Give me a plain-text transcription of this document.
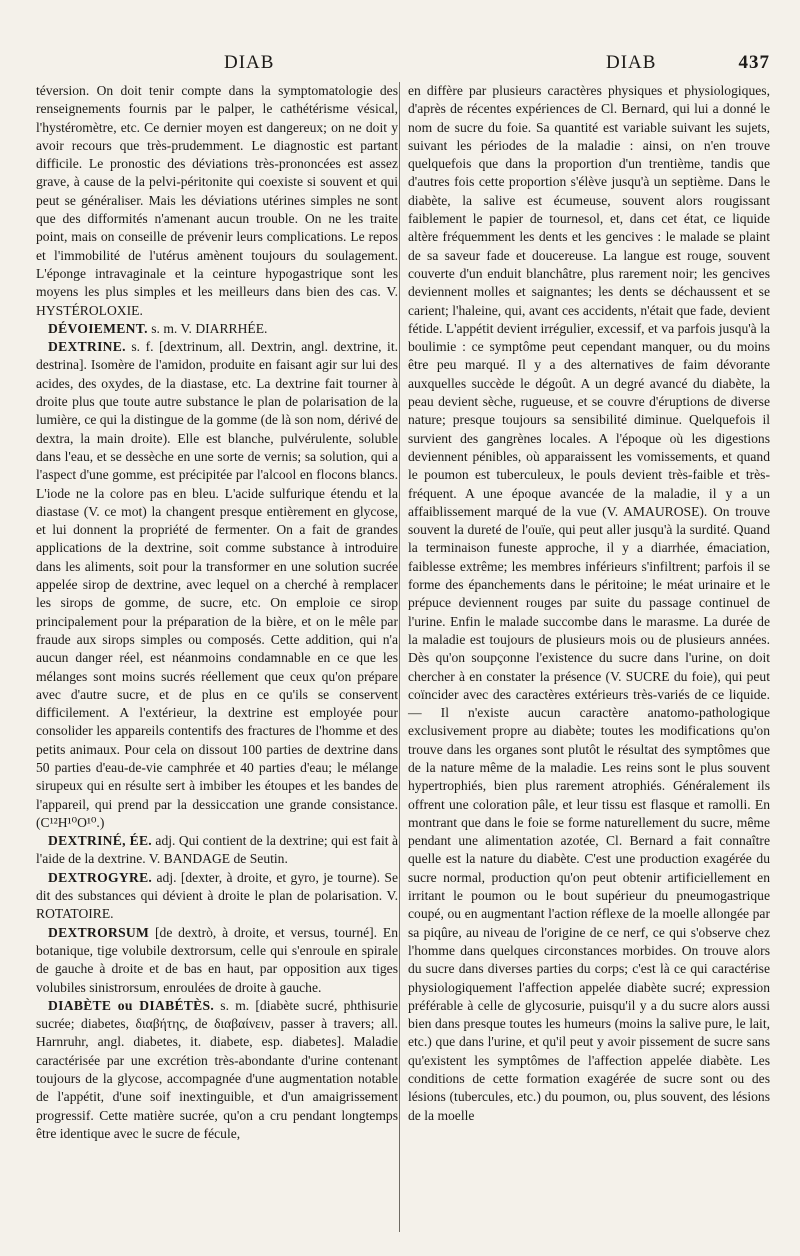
DIAB	DIAB	437

téversion. On doit tenir compte dans la symptomatologie des renseignements fournis par le palper, le cathétérisme vésical, l'hystéromètre, etc. Ce dernier moyen est dangereux; on ne doit y avoir recours que très-prudemment. Le diagnostic est partant difficile. Le pronostic des déviations très-prononcées est assez grave, à cause de la pelvi-péritonite qui coexiste si souvent et qui peut se généraliser. Mais les déviations utérines simples ne sont que des difformités n'amenant aucun trouble. On ne les traite point, mais on conseille de prévenir leurs complications. Le repos et l'immobilité de l'utérus amènent toujours du soulagement. L'éponge intravaginale et la ceinture hypogastrique sont les moyens les plus simples et les meilleurs dans bien des cas. V. HYSTÉROLOXIE.

DÉVOIEMENT. s. m. V. DIARRHÉE.

DEXTRINE. s. f. [dextrinum, all. Dextrin, angl. dextrine, it. destrina]. Isomère de l'amidon, produite en faisant agir sur lui des acides, des oxydes, de la diastase, etc. La dextrine fait tourner à droite plus que toute autre substance le plan de polarisation de la lumière, ce qui la distingue de la gomme (de là son nom, dérivé de dextra, la main droite). Elle est blanche, pulvérulente, soluble dans l'eau, et se dessèche en une sorte de vernis; sa solution, qui a l'aspect d'une gomme, est précipitée par l'alcool en flocons blancs. L'iode ne la colore pas en bleu. L'acide sulfurique étendu et la diastase (V. ce mot) la changent presque entièrement en glycose, et lui donnent la propriété de fermenter. On a fait de grandes applications de la dextrine, soit comme substance à introduire dans les aliments, soit pour la transformer en une solution sucrée appelée sirop de dextrine, avec lequel on a cherché à remplacer les sirops de gomme, de sucre, etc. On emploie ce sirop principalement pour la préparation de la bière, et on le mêle par fraude aux sirops simples ou composés. Cette addition, qui n'a aucun danger réel, est néanmoins condamnable en ce que les mélanges sont moins sucrés réellement que ceux qu'on prépare avec d'autre sucre, et de plus en ce qu'ils se conservent difficilement. A l'extérieur, la dextrine est employée pour consolider les appareils contentifs des fractures de l'homme et des petits animaux. Pour cela on dissout 100 parties de dextrine dans 50 parties d'eau-de-vie camphrée et 40 parties d'eau; le mélange sirupeux qui en résulte sert à imbiber les étoupes et les bandes de l'appareil, qui prend par la dessiccation une grande consistance. (C¹²H¹⁰O¹⁰.)

DEXTRINÉ, ÉE. adj. Qui contient de la dextrine; qui est fait à l'aide de la dextrine. V. BANDAGE de Seutin.

DEXTROGYRE. adj. [dexter, à droite, et gyro, je tourne). Se dit des substances qui dévient à droite le plan de polarisation. V. ROTATOIRE.

DEXTRORSUM [de dextrò, à droite, et versus, tourné]. En botanique, tige volubile dextrorsum, celle qui s'enroule en spirale de gauche à droite et de bas en haut, par opposition aux tiges volubiles sinistrorsum, enroulées de droite à gauche.

DIABÈTE ou DIABÉTÈS. s. m. [diabète sucré, phthisurie sucrée; diabetes, διαβήτης, de διαβαίνειν, passer à travers; all. Harnruhr, angl. diabetes, it. diabete, esp. diabetes]. Maladie caractérisée par une excrétion très-abondante d'urine contenant toujours de la glycose, accompagnée d'une augmentation notable de l'appétit, d'une soif inextinguible, et d'un amaigrissement progressif. Cette matière sucrée, qu'on a cru pendant longtemps être identique avec le sucre de fécule,

en diffère par plusieurs caractères physiques et physiologiques, d'après de récentes expériences de Cl. Bernard, qui lui a donné le nom de sucre du foie. Sa quantité est variable suivant les sujets, suivant les périodes de la maladie : ainsi, on n'en trouve quelquefois que dans la proportion d'un trentième, tandis que d'autres fois cette proportion s'élève jusqu'à un septième. Dans le diabète, la salive est écumeuse, souvent alors rougissant faiblement le papier de tournesol, et, dans cet état, ce liquide altère fréquemment les dents et les gencives : le malade se plaint de sa saveur fade et doucereuse. La langue est rouge, souvent couverte d'un enduit blanchâtre, plus rarement noir; les gencives deviennent molles et saignantes; les dents se déchaussent et se carient; l'haleine, qui, avant ces accidents, n'était que fade, devient fétide. L'appétit devient irrégulier, excessif, et va parfois jusqu'à la boulimie : ce symptôme peut cependant manquer, ou du moins être peu marqué. Il y a des alternatives de faim dévorante auxquelles succède le dégoût. A un degré avancé du diabète, la peau devient sèche, rugueuse, et se couvre d'éruptions de diverse nature; presque toujours sa sensibilité diminue. Quelquefois il survient des gangrènes locales. A l'époque où les digestions deviennent pénibles, où apparaissent les vomissements, et quand le poumon est tuberculeux, le pouls devient très-faible et très-fréquent. A une époque avancée de la maladie, il y a un affaiblissement marqué de la vue (V. AMAUROSE). On trouve souvent la dureté de l'ouïe, qui peut aller jusqu'à la surdité. Quand la terminaison funeste approche, il y a diarrhée, émaciation, faiblesse extrême; les membres inférieurs s'infiltrent; parfois il se forme des épanchements dans le péritoine; le méat urinaire et le prépuce deviennent rouges par suite du passage continuel de l'urine. Enfin le malade succombe dans le marasme. La durée de la maladie est toujours de plusieurs mois ou de plusieurs années. Dès qu'on soupçonne l'existence du sucre dans l'urine, on doit chercher à en constater la présence (V. SUCRE du foie), qui peut coïncider avec des caractères extérieurs très-variés de ce liquide.— Il n'existe aucun caractère anatomo-pathologique exclusivement propre au diabète; toutes les modifications qu'on trouve dans les organes sont plutôt le résultat des symptômes que de la nature même de la maladie. Les reins sont le plus souvent hypertrophiés, bien plus rarement atrophiés. Généralement ils offrent une coloration pâle, et leur tissu est flasque et ramolli. En montrant que dans le foie se forme naturellement du sucre, même pendant une alimentation azotée, Cl. Bernard a fait connaître quelle est la nature du diabète. C'est une production exagérée du sucre normal, production qu'on peut obtenir artificiellement en irritant le poumon ou le bout supérieur du pneumogastrique coupé, ou en augmentant l'action réflexe de la moelle allongée par sa piqûre, au niveau de l'origine de ce nerf, ce qui s'observe chez l'homme dans quelques circonstances morbides. On trouve alors du sucre dans diverses parties du corps; c'est là ce qui caractérise physiologiquement l'affection appelée diabète sucré; expression préférable à celle de glycosurie, puisqu'il y a du sucre alors aussi bien dans presque toutes les humeurs (moins la salive pure, le lait, etc.) que dans l'urine, et qu'il peut y avoir pissement de sucre sans qu'existent les symptômes de l'affection appelée diabète. Les conditions de cette formation exagérée de sucre sont ou des lésions (tubercules, etc.) du poumon, ou, plus souvent, des lésions de la moelle
